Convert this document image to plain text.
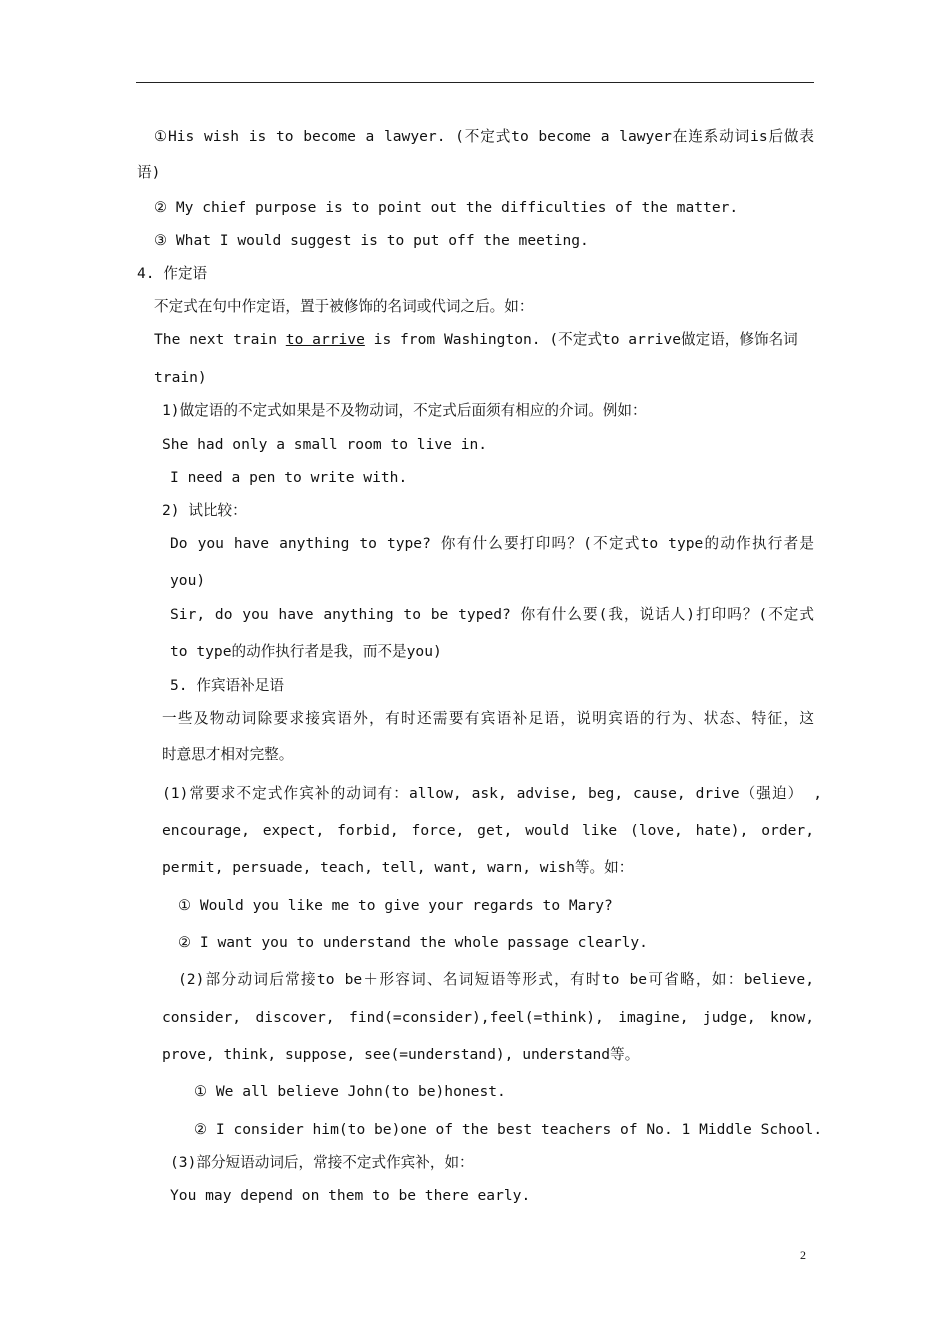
①His wish is to become a lawyer. (不定式to become a lawyer在连系动词is后做表
语)
② My chief purpose is to point out the difficulties of the matter.
③ What I would suggest is to put off the meeting.
4. 作定语
不定式在句中作定语，置于被修饰的名词或代词之后。如：
The next train to arrive is from Washington. (不定式to arrive做定语，修饰名词
train)
1)做定语的不定式如果是不及物动词，不定式后面须有相应的介词。例如：
She had only a small room to live in.
I need a pen to write with.
2) 试比较：
Do you have anything to type? 你有什么要打印吗？(不定式to type的动作执行者是
you)
Sir, do you have anything to be typed? 你有什么要(我，说话人)打印吗？(不定式
to type的动作执行者是我，而不是you)
5. 作宾语补足语
一些及物动词除要求接宾语外，有时还需要有宾语补足语，说明宾语的行为、状态、特征，这
时意思才相对完整。
(1)常要求不定式作宾补的动词有：allow, ask, advise, beg, cause, drive（强迫） ,
encourage, expect, forbid, force, get, would like (love, hate), order,
permit, persuade, teach, tell, want, warn, wish等。如：
① Would you like me to give your regards to Mary?
② I want you to understand the whole passage clearly.
(2)部分动词后常接to be＋形容词、名词短语等形式，有时to be可省略，如：believe,
consider, discover, find(=consider),feel(=think), imagine, judge, know,
prove, think, suppose, see(=understand), understand等。
① We all believe John(to be)honest.
② I consider him(to be)one of the best teachers of No. 1 Middle School.
(3)部分短语动词后，常接不定式作宾补，如：
You may depend on them to be there early.
2
